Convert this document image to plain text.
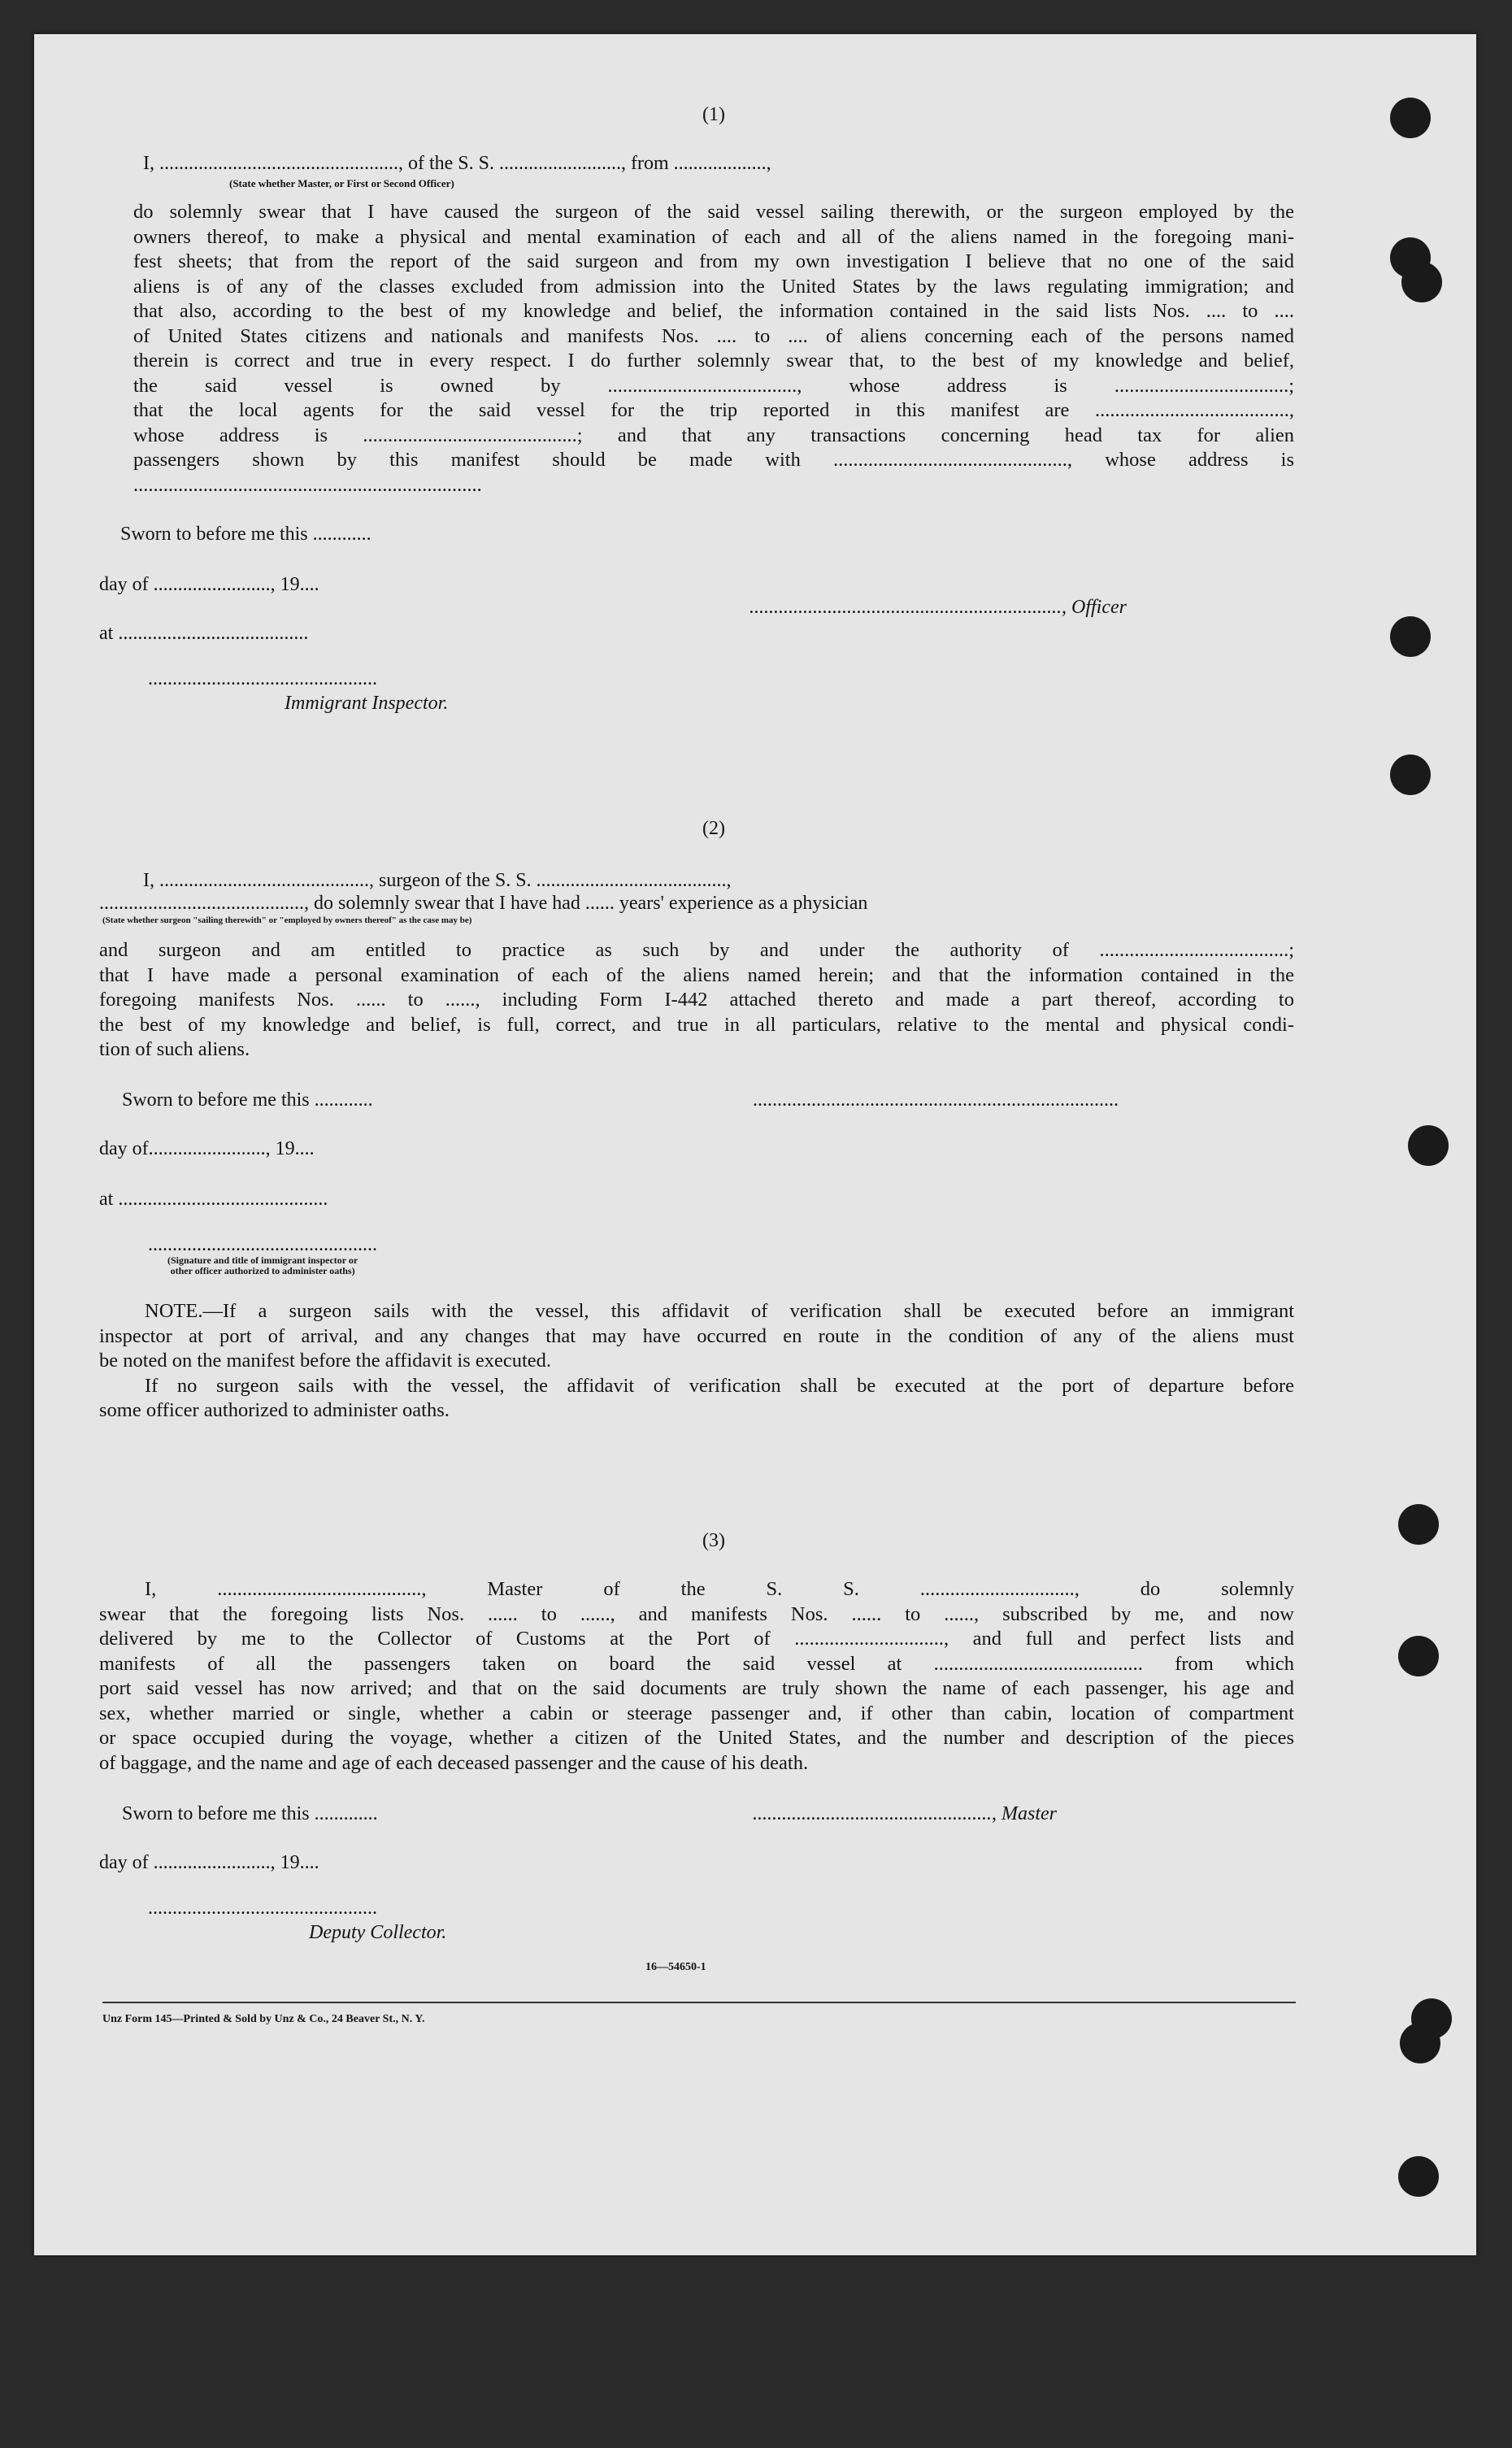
(1)
I, ................................................., of the S. S. ........................., from ...................,
(State whether Master, or First or Second Officer)

do solemnly swear that I have caused the surgeon of the said vessel sailing therewith, or the surgeon employed by the

owners thereof, to make a physical and mental examination of each and all of the aliens named in the foregoing mani-

fest sheets; that from the report of the said surgeon and from my own investigation I believe that no one of the said

aliens is of any of the classes excluded from admission into the United States by the laws regulating immigration; and

that also, according to the best of my knowledge and belief, the information contained in the said lists Nos. .... to ....

of United States citizens and nationals and manifests Nos. .... to .... of aliens concerning each of the persons named

therein is correct and true in every respect. I do further solemnly swear that, to the best of my knowledge and belief,

the said vessel is owned by ......................................, whose address is ...................................;

that the local agents for the said vessel for the trip reported in this manifest are .......................................,

whose address is ...........................................; and that any transactions concerning head tax for alien

passengers shown by this manifest should be made with ..............................................., whose address is

......................................................................

Sworn to before me this ............
day of ........................, 19....
................................................................, Officer
at .......................................
...............................................
Immigrant Inspector.
(2)
I, ..........................................., surgeon of the S. S. .......................................,
.........................................., do solemnly swear that I have had ...... years' experience as a physician
(State whether surgeon "sailing therewith" or "employed by owners thereof" as the case may be)

and surgeon and am entitled to practice as such by and under the authority of ......................................;

that I have made a personal examination of each of the aliens named herein; and that the information contained in the

foregoing manifests Nos. ...... to ......, including Form I-442 attached thereto and made a part thereof, according to

the best of my knowledge and belief, is full, correct, and true in all particulars, relative to the mental and physical condi-

tion of such aliens.

Sworn to before me this ............	...........................................................................
day of........................, 19....
at ...........................................
...............................................
(Signature and title of immigrant inspector or
other officer authorized to administer oaths)

NOTE.—If a surgeon sails with the vessel, this affidavit of verification shall be executed before an immigrant

inspector at port of arrival, and any changes that may have occurred en route in the condition of any of the aliens must

be noted on the manifest before the affidavit is executed.

If no surgeon sails with the vessel, the affidavit of verification shall be executed at the port of departure before

some officer authorized to administer oaths.

(3)

I, ........................................., Master of the S. S. ..............................., do solemnly

swear that the foregoing lists Nos. ...... to ......, and manifests Nos. ...... to ......, subscribed by me, and now

delivered by me to the Collector of Customs at the Port of .............................., and full and perfect lists and

manifests of all the passengers taken on board the said vessel at .......................................... from which

port said vessel has now arrived; and that on the said documents are truly shown the name of each passenger, his age and

sex, whether married or single, whether a cabin or steerage passenger and, if other than cabin, location of compartment

or space occupied during the voyage, whether a citizen of the United States, and the number and description of the pieces

of baggage, and the name and age of each deceased passenger and the cause of his death.

Sworn to before me this .............	................................................., Master
day of ........................, 19....
...............................................
Deputy Collector.
16—54650-1
Unz Form 145—Printed & Sold by Unz & Co., 24 Beaver St., N. Y.
